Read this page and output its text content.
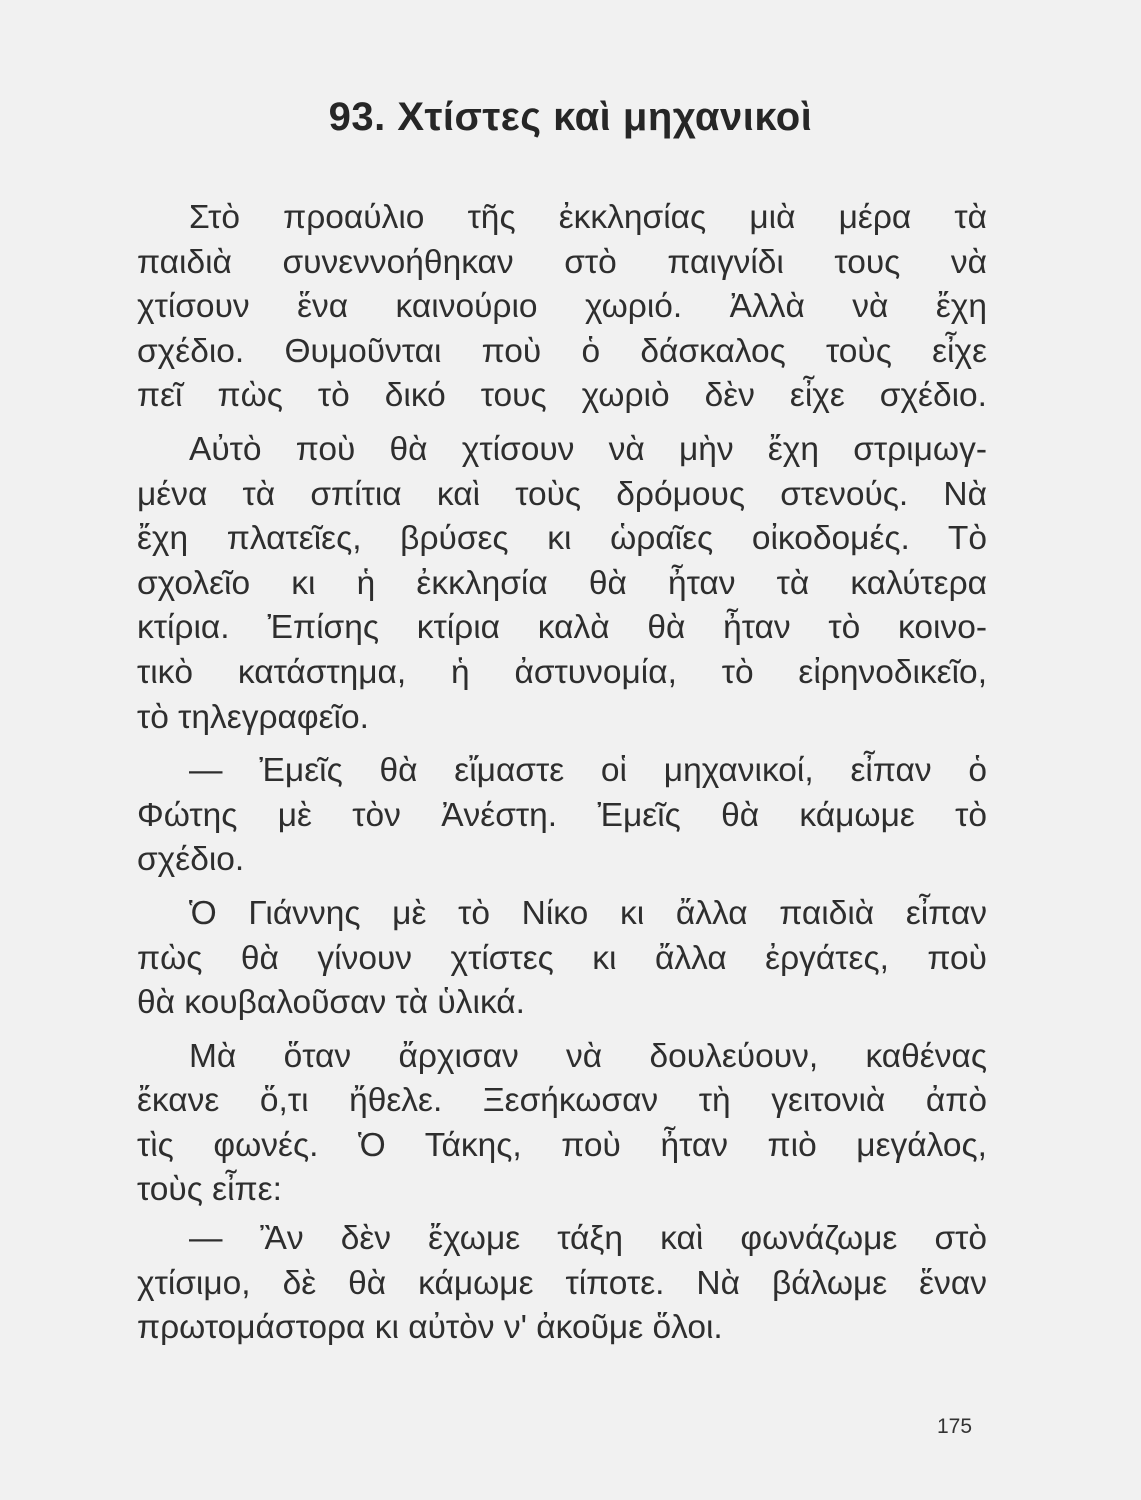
93. Χτίστες καὶ μηχανικοὶ
Στὸ προαύλιο τῆς ἐκκλησίας μιὰ μέρα τὰ
παιδιὰ συνεννοήθηκαν στὸ παιγνίδι τους νὰ
χτίσουν ἕνα καινούριο χωριό. Ἀλλὰ νὰ ἔχη
σχέδιο. Θυμοῦνται ποὺ ὁ δάσκαλος τοὺς εἶχε
πεῖ πὼς τὸ δικό τους χωριὸ δὲν εἶχε σχέδιο.
Αὐτὸ ποὺ θὰ χτίσουν νὰ μὴν ἔχη στριμωγ-
μένα τὰ σπίτια καὶ τοὺς δρόμους στενούς. Νὰ
ἔχη πλατεῖες, βρύσες κι ὡραῖες οἰκοδομές. Τὸ
σχολεῖο κι ἡ ἐκκλησία θὰ ἦταν τὰ καλύτερα
κτίρια. Ἐπίσης κτίρια καλὰ θὰ ἦταν τὸ κοινο-
τικὸ κατάστημα, ἡ ἀστυνομία, τὸ εἰρηνοδικεῖο,
τὸ τηλεγραφεῖο.
— Ἐμεῖς θὰ εἴμαστε οἱ μηχανικοί, εἶπαν ὁ
Φώτης μὲ τὸν Ἀνέστη. Ἐμεῖς θὰ κάμωμε τὸ
σχέδιο.
Ὁ Γιάννης μὲ τὸ Νίκο κι ἄλλα παιδιὰ εἶπαν
πὼς θὰ γίνουν χτίστες κι ἄλλα ἐργάτες, ποὺ
θὰ κουβαλοῦσαν τὰ ὑλικά.
Μὰ ὅταν ἄρχισαν νὰ δουλεύουν, καθένας
ἔκανε ὅ,τι ἤθελε. Ξεσήκωσαν τὴ γειτονιὰ ἀπὸ
τὶς φωνές. Ὁ Τάκης, ποὺ ἦταν πιὸ μεγάλος,
τοὺς εἶπε:
— Ἂν δὲν ἔχωμε τάξη καὶ φωνάζωμε στὸ
χτίσιμο, δὲ θὰ κάμωμε τίποτε. Νὰ βάλωμε ἕναν
πρωτομάστορα κι αὐτὸν ν' ἀκοῦμε ὅλοι.
175
